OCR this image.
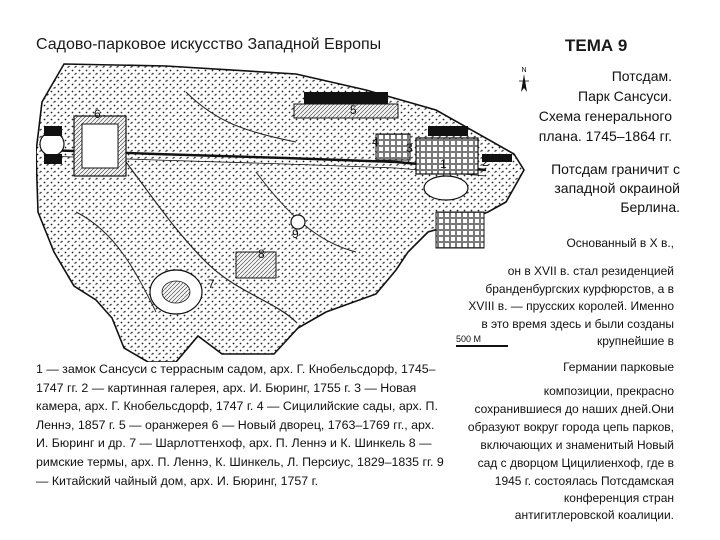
Садово-парковое искусство Западной Европы	ТЕМА 9
Потсдам.
Парк Сансуси.
Схема генерального
плана. 1745–1864 гг.
Потсдам граничит с западной окраиной Берлина.
Основанный в X в.,
он в XVII в. стал резиденцией
бранденбургских курфюрстов, а в
XVIII в. — прусских королей. Именно
в это время здесь и были созданы
крупнейшие в
Германии парковые
композиции, прекрасно
сохранившиеся до наших дней.Они
образуют вокруг города цепь парков,
включающих и знаменитый Новый
сад с дворцом Цицилиенхоф, где в
1945 г. состоялась Потсдамская
конференция стран
антигитлеровской коалиции.
N
5
6
4 3
1	2
8
9
7
500 М
1 — замок Сансуси с террасным садом, арх. Г. Кнобельсдорф, 1745–1747 гг. 2 — картинная галерея, арх. И. Бюринг, 1755 г. 3 — Новая камера, арх. Г. Кнобельсдорф, 1747 г. 4 — Сицилийские сады, арх. П. Леннэ, 1857 г. 5 — оранжерея 6 — Новый дворец, 1763–1769 гг., арх. И. Бюринг и др. 7 — Шарлоттенхоф, арх. П. Леннэ и К. Шинкель 8 — римские термы, арх. П. Леннэ, К. Шинкель, Л. Персиус, 1829–1835 гг. 9 — Китайский чайный дом, арх. И. Бюринг, 1757 г.
